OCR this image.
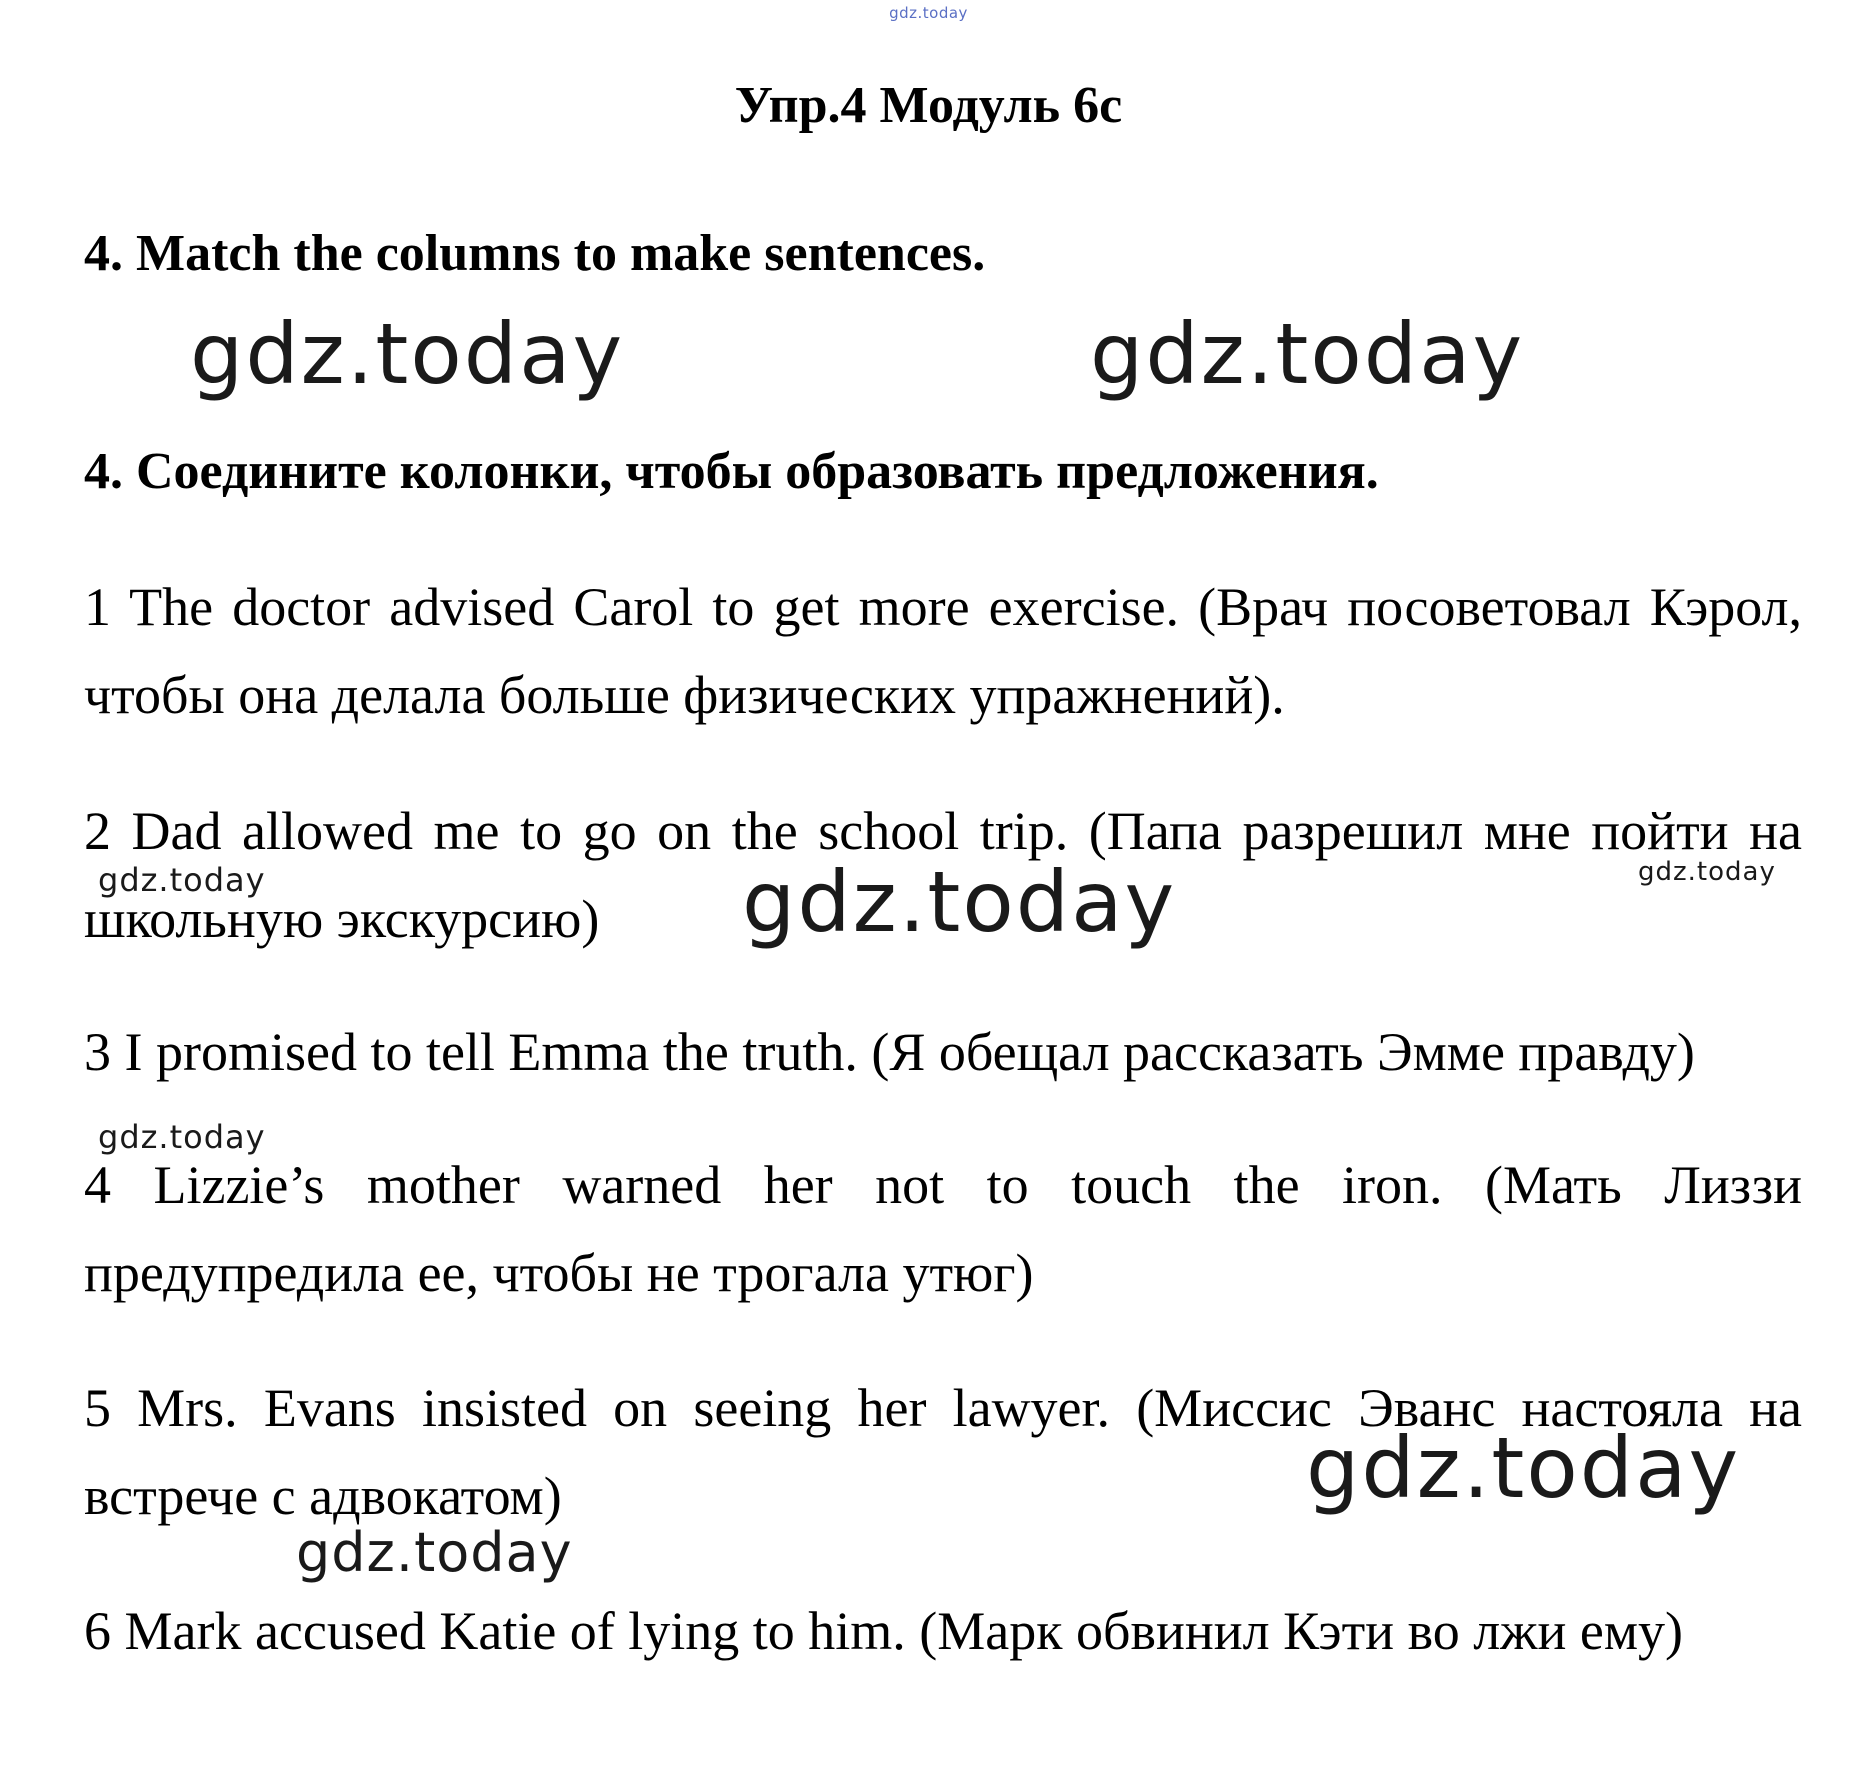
gdz.today
Упр.4 Модуль 6с
4. Match the columns to make sentences.
gdz.today	gdz.today
4. Соедините колонки, чтобы образовать предложения.
1 The doctor advised Carol to get more exercise. (Врач посоветовал Кэрол, чтобы она делала больше физических упражнений).
2 Dad allowed me to go on the school trip. (Папа разрешил мне пойти на школьную экскурсию)
gdz.today	gdz.today
gdz.today
3 I promised to tell Emma the truth. (Я обещал рассказать Эмме правду)
gdz.today
4 Lizzie’s mother warned her not to touch the iron. (Мать Лиззи предупредила ее, чтобы не трогала утюг)
5 Mrs. Evans insisted on seeing her lawyer. (Миссис Эванс настояла на встрече с адвокатом)	gdz.today
gdz.today
6 Mark accused Katie of lying to him. (Марк обвинил Кэти во лжи ему)
